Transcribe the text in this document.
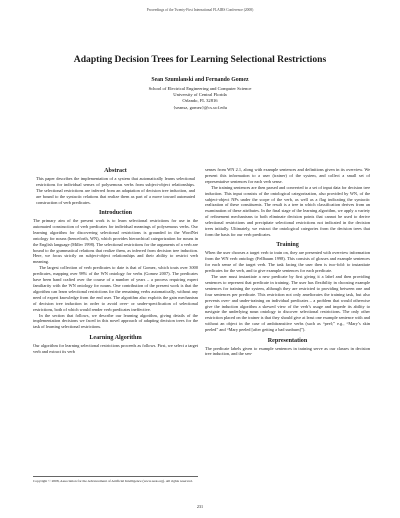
Proceedings of the Twenty-First International FLAIRS Conference (2008)
Adapting Decision Trees for Learning Selectional Restrictions
Sean Szumlanski and Fernando Gomez
School of Electrical Engineering and Computer Science
University of Central Florida
Orlando, FL 32816
{seansz, gomez}@cs.ucf.edu
Abstract

This paper describes the implementation of a system that automatically learns selectional restrictions for individual senses of polysemous verbs from subject-object relationships. The selectional restrictions are inferred from an adaptation of decision tree induction, and are bound to the syntactic relations that realize them as part of a move toward automated construction of verb predicates.

Introduction

The primary aim of the present work is to learn selectional restrictions for use in the automated construction of verb predicates for individual meanings of polysemous verbs. Our learning algorithm for discovering selectional restrictions is grounded in the WordNet ontology for nouns (henceforth, WN), which provides hierarchical categorization for nouns in the English language (Miller 1998). The selectional restrictions for the arguments of a verb are bound to the grammatical relations that realize them, as inferred from decision tree induction. Here, we focus strictly on subject-object relationships and their ability to restrict verb meaning.

The largest collection of verb predicates to date is that of Gomez, which touts over 3000 predicates, mapping over 98% of the WN ontology for verbs (Gomez 2007). The predicates have been hand crafted over the course of a number of years – a process requiring expert familiarity with the WN ontology for nouns. One contribution of the present work is that the algorithm can learn selectional restrictions for the remaining verbs automatically, without any need of expert knowledge from the end user. The algorithm also exploits the gain mechanism of decision tree induction in order to avoid over- or under-specification of selectional restrictions, both of which would render verb predicates ineffective.

In the section that follows, we describe our learning algorithm, giving details of the implementation decisions we faced in this novel approach of adapting decision trees for the task of learning selectional restrictions.

Learning Algorithm

Our algorithm for learning selectional restrictions proceeds as follows. First, we select a target verb and extract its verb

Copyright © 2008, Association for the Advancement of Artificial Intelligence (www.aaai.org). All rights reserved.

senses from WN 2.1, along with example sentences and definitions given in its overview. We present this information to a user (trainer) of the system, and collect a small set of representative sentences for each verb sense.

The training sentences are then parsed and converted to a set of input data for decision tree induction. This input consists of the ontological categorization, also provided by WN, of the subject-object NPs under the scope of the verb, as well as a flag indicating the syntactic realization of these constituents. The result is a tree in which classification derives from an examination of these attributes. In the final stage of the learning algorithm, we apply a variety of refinement mechanisms to both eliminate decision points that cannot be used to derive selectional restrictions and precipitate selectional restrictions not indicated in the decision trees initially. Ultimately, we extract the ontological categories from the decision trees that form the basis for our verb predicates.

Training

When the user chooses a target verb to train on, they are presented with overview information from the WN verb ontology (Fellbaum 1998). This consists of glosses and example sentences for each sense of the target verb. The task facing the user then is two-fold: to instantiate predicates for the verb, and to give example sentences for each predicate.

The user must instantiate a new predicate by first giving it a label and then providing sentences to represent that predicate in training. The user has flexibility in choosing example sentences for training the system, although they are restricted to providing between one and four sentences per predicate. This restriction not only ameliorates the training task, but also prevents over- and under-training on individual predicates – a problem that would otherwise give the induction algorithm a skewed view of the verb’s usage and impede its ability to navigate the underlying noun ontology to discover selectional restrictions. The only other restriction placed on the trainer is that they should give at least one example sentence with and without an object in the case of ambitransitive verbs (such as “peel;” e.g., “Mary’s skin peeled” and “Mary peeled [after getting a bad sunburn]”).

Representation

The predicate labels given to example sentences in training serve as our classes in decision tree induction, and the sen-

231
